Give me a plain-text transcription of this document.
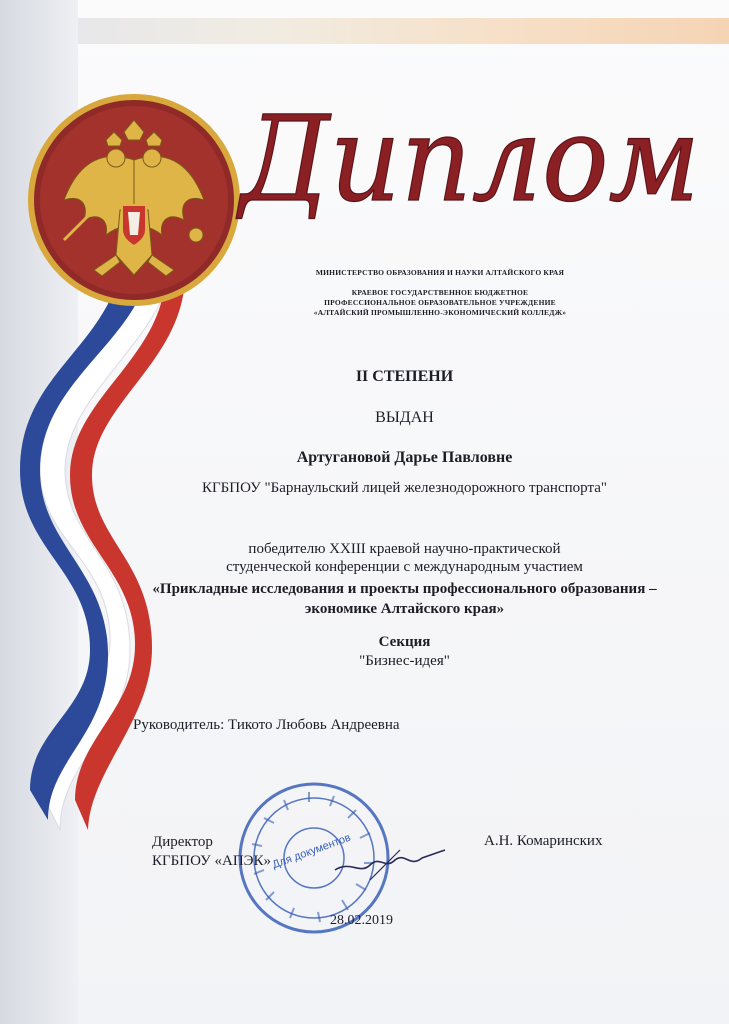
Диплом
МИНИСТЕРСТВО ОБРАЗОВАНИЯ И НАУКИ АЛТАЙСКОГО КРАЯ
КРАЕВОЕ ГОСУДАРСТВЕННОЕ БЮДЖЕТНОЕ
ПРОФЕССИОНАЛЬНОЕ ОБРАЗОВАТЕЛЬНОЕ УЧРЕЖДЕНИЕ
«АЛТАЙСКИЙ ПРОМЫШЛЕННО-ЭКОНОМИЧЕСКИЙ КОЛЛЕДЖ»
II СТЕПЕНИ
ВЫДАН
Артугановой Дарье Павловне
КГБПОУ "Барнаульский лицей железнодорожного транспорта"
победителю XXIII краевой научно-практической
студенческой конференции с международным участием
«Прикладные исследования и проекты профессионального образования –
экономике Алтайского края»
Секция
"Бизнес-идея"
Руководитель: Тикото Любовь Андреевна
Для документов
Директор
КГБПОУ «АПЭК»
А.Н. Комаринских
28.02.2019
